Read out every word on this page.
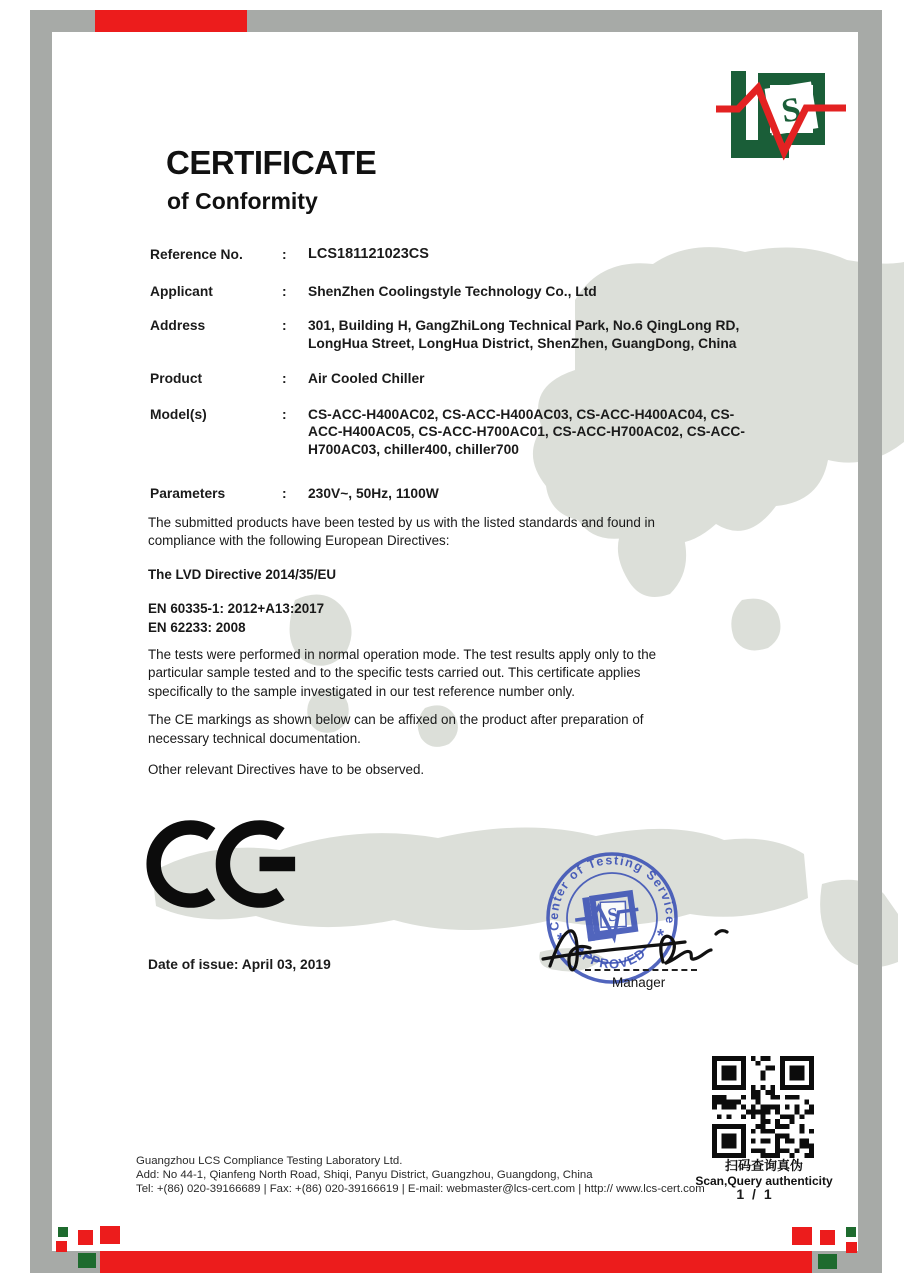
S
CERTIFICATE
of Conformity
Reference No.	:	LCS181121023CS
Applicant	:	ShenZhen Coolingstyle Technology Co., Ltd
Address	:	301, Building H, GangZhiLong Technical Park, No.6 QingLong RD,
LongHua Street, LongHua District, ShenZhen, GuangDong, China
Product	:	Air Cooled Chiller
Model(s)	:	CS-ACC-H400AC02, CS-ACC-H400AC03, CS-ACC-H400AC04, CS-
ACC-H400AC05, CS-ACC-H700AC01, CS-ACC-H700AC02, CS-ACC-
H700AC03, chiller400, chiller700
Parameters	:	230V~, 50Hz, 1100W
The submitted products have been tested by us with the listed standards and found in
compliance with the following European Directives:
The LVD Directive 2014/35/EU
EN 60335-1: 2012+A13:2017
EN 62233: 2008
The tests were performed in normal operation mode. The test results apply only to the
particular sample tested and to the specific tests carried out. This certificate applies
specifically to the sample investigated in our test reference number only.
The CE markings as shown below can be affixed on the product after preparation of
necessary technical documentation.
Other relevant Directives have to be observed.
Date of issue: April 03, 2019
Center of Testing Service
APPROVED
*	*
S
Manager
扫码查询真伪
Scan,Query authenticity
1 / 1
Guangzhou LCS Compliance Testing Laboratory Ltd.
Add: No 44-1, Qianfeng North Road, Shiqi, Panyu District, Guangzhou, Guangdong, China
Tel: +(86) 020-39166689 | Fax: +(86) 020-39166619 | E-mail: webmaster@lcs-cert.com | http:// www.lcs-cert.com
